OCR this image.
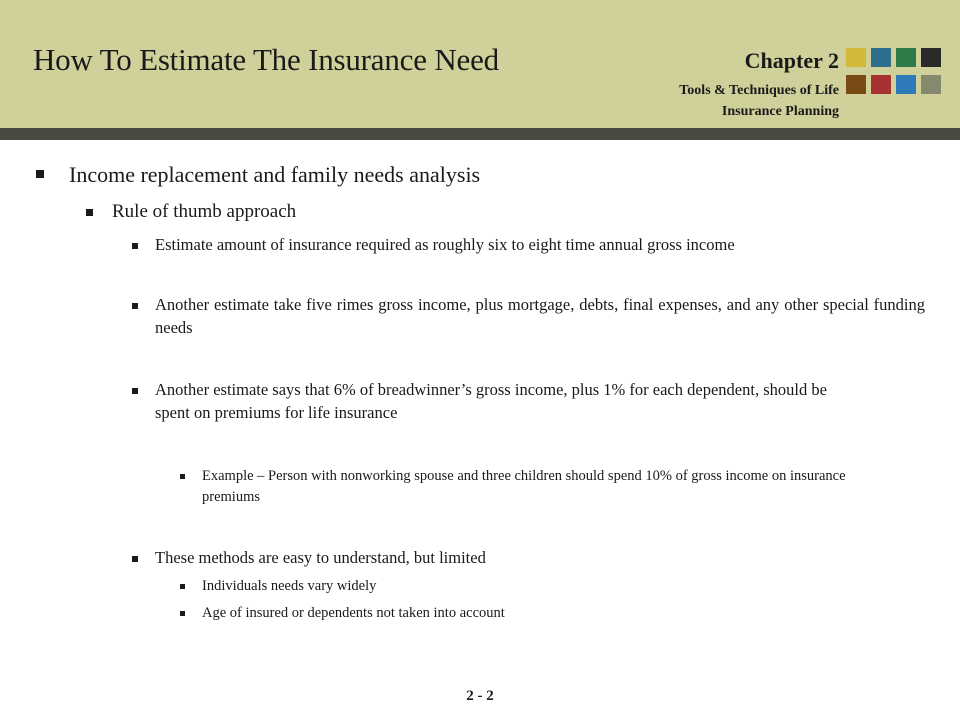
How To Estimate The Insurance Need	Chapter 2
Tools & Techniques of Life
Insurance Planning
Income replacement and family needs analysis
Rule of thumb approach
Estimate amount of insurance required as roughly six to eight time annual gross income
Another estimate take five rimes gross income, plus mortgage, debts, final expenses, and any other special funding needs
Another estimate says that 6% of breadwinner’s gross income, plus 1% for each dependent, should be spent on premiums for life insurance
Example – Person with nonworking spouse and three children should spend 10% of gross income on insurance premiums
These methods are easy to understand, but limited
Individuals needs vary widely
Age of insured or dependents not taken into account
2 - 2
